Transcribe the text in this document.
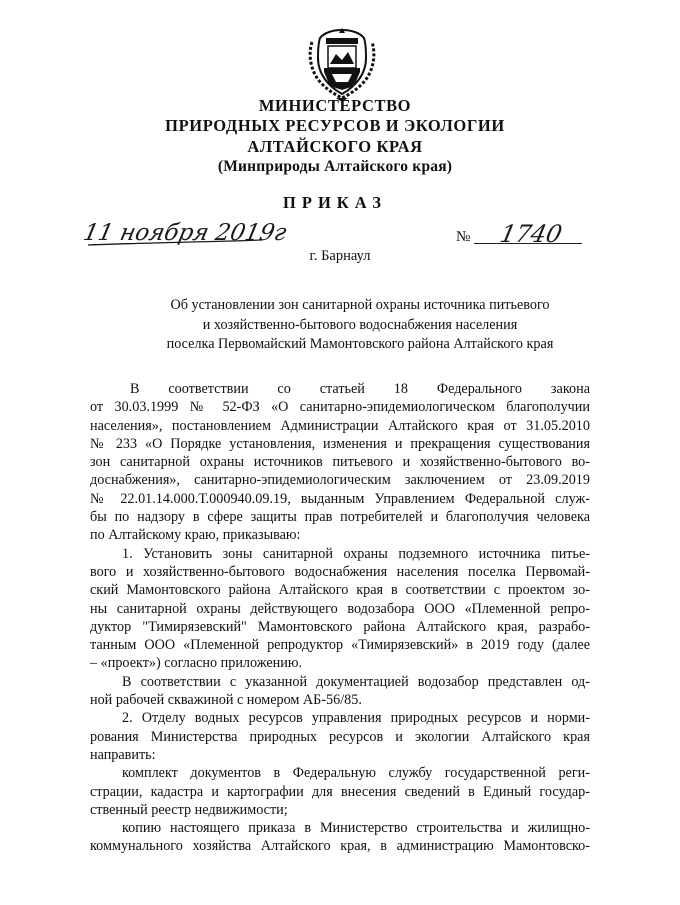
МИНИСТЕРСТВО
ПРИРОДНЫХ РЕСУРСОВ И ЭКОЛОГИИ
АЛТАЙСКОГО КРАЯ
(Минприроды Алтайского края)
ПРИКАЗ
11 ноября 2019г	№ 1740
г. Барнаул
Об установлении зон санитарной охраны источника питьевого
и хозяйственно-бытового водоснабжения населения
поселка Первомайский Мамонтовского района Алтайского края
В соответствии со статьей 18 Федерального закона
от 30.03.1999 № 52-ФЗ «О санитарно-эпидемиологическом благополучии
населения», постановлением Администрации Алтайского края от 31.05.2010
№ 233 «О Порядке установления, изменения и прекращения существования
зон санитарной охраны источников питьевого и хозяйственно-бытового во-
доснабжения», санитарно-эпидемиологическим заключением от 23.09.2019
№ 22.01.14.000.Т.000940.09.19, выданным Управлением Федеральной служ-
бы по надзору в сфере защиты прав потребителей и благополучия человека
по Алтайскому краю, приказываю:
1. Установить зоны санитарной охраны подземного источника питье-
вого и хозяйственно-бытового водоснабжения населения поселка Первомай-
ский Мамонтовского района Алтайского края в соответствии с проектом зо-
ны санитарной охраны действующего водозабора ООО «Племенной репро-
дуктор "Тимирязевский" Мамонтовского района Алтайского края, разрабо-
танным ООО «Племенной репродуктор «Тимирязевский» в 2019 году (далее
– «проект») согласно приложению.
В соответствии с указанной документацией водозабор представлен од-
ной рабочей скважиной с номером АБ-56/85.
2. Отделу водных ресурсов управления природных ресурсов и норми-
рования Министерства природных ресурсов и экологии Алтайского края
направить:
комплект документов в Федеральную службу государственной реги-
страции, кадастра и картографии для внесения сведений в Единый государ-
ственный реестр недвижимости;
копию настоящего приказа в Министерство строительства и жилищно-
коммунального хозяйства Алтайского края, в администрацию Мамонтовско-
